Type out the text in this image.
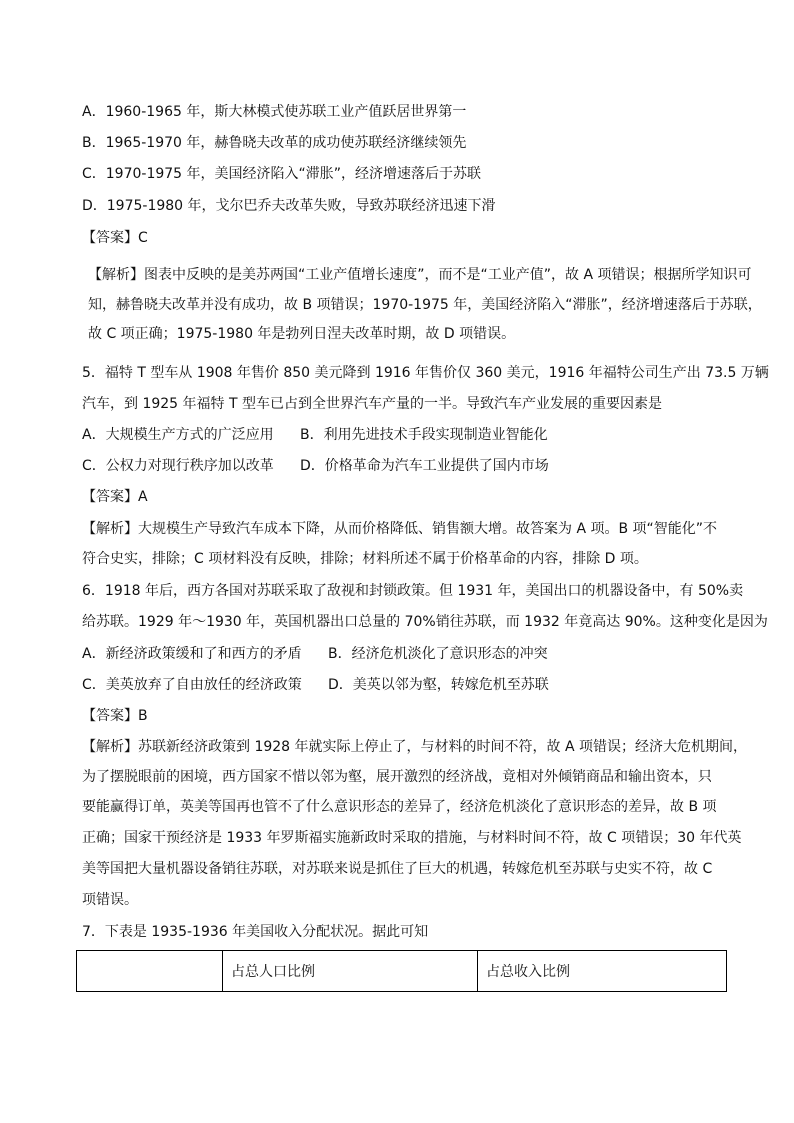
A．1960-1965 年，斯大林模式使苏联工业产值跃居世界第一
B．1965-1970 年，赫鲁晓夫改革的成功使苏联经济继续领先
C．1970-1975 年，美国经济陷入“滞胀”，经济增速落后于苏联
D．1975-1980 年，戈尔巴乔夫改革失败，导致苏联经济迅速下滑
【答案】C
【解析】图表中反映的是美苏两国“工业产值增长速度”，而不是“工业产值”，故 A 项错误；根据所学知识可
知，赫鲁晓夫改革并没有成功，故 B 项错误；1970-1975 年，美国经济陷入“滞胀”，经济增速落后于苏联，
故 C 项正确；1975-1980 年是勃列日涅夫改革时期，故 D 项错误。
5．福特 T 型车从 1908 年售价 850 美元降到 1916 年售价仅 360 美元，1916 年福特公司生产出 73.5 万辆
汽车，到 1925 年福特 T 型车已占到全世界汽车产量的一半。导致汽车产业发展的重要因素是
A．大规模生产方式的广泛应用 B．利用先进技术手段实现制造业智能化
C．公权力对现行秩序加以改革 D．价格革命为汽车工业提供了国内市场
【答案】A
【解析】大规模生产导致汽车成本下降，从而价格降低、销售额大增。故答案为 A 项。B 项“智能化”不
符合史实，排除；C 项材料没有反映，排除；材料所述不属于价格革命的内容，排除 D 项。
6．1918 年后，西方各国对苏联采取了敌视和封锁政策。但 1931 年，美国出口的机器设备中，有 50%卖
给苏联。1929 年～1930 年，英国机器出口总量的 70%销往苏联，而 1932 年竟高达 90%。这种变化是因为
A．新经济政策缓和了和西方的矛盾 B．经济危机淡化了意识形态的冲突
C．美英放弃了自由放任的经济政策 D．美英以邻为壑，转嫁危机至苏联
【答案】B
【解析】苏联新经济政策到 1928 年就实际上停止了，与材料的时间不符，故 A 项错误；经济大危机期间，
为了摆脱眼前的困境，西方国家不惜以邻为壑，展开激烈的经济战，竟相对外倾销商品和输出资本，只
要能赢得订单，英美等国再也管不了什么意识形态的差异了，经济危机淡化了意识形态的差异，故 B 项
正确；国家干预经济是 1933 年罗斯福实施新政时采取的措施，与材料时间不符，故 C 项错误；30 年代英
美等国把大量机器设备销往苏联，对苏联来说是抓住了巨大的机遇，转嫁危机至苏联与史实不符，故 C
项错误。
7．下表是 1935-1936 年美国收入分配状况。据此可知
	占总人口比例	占总收入比例
